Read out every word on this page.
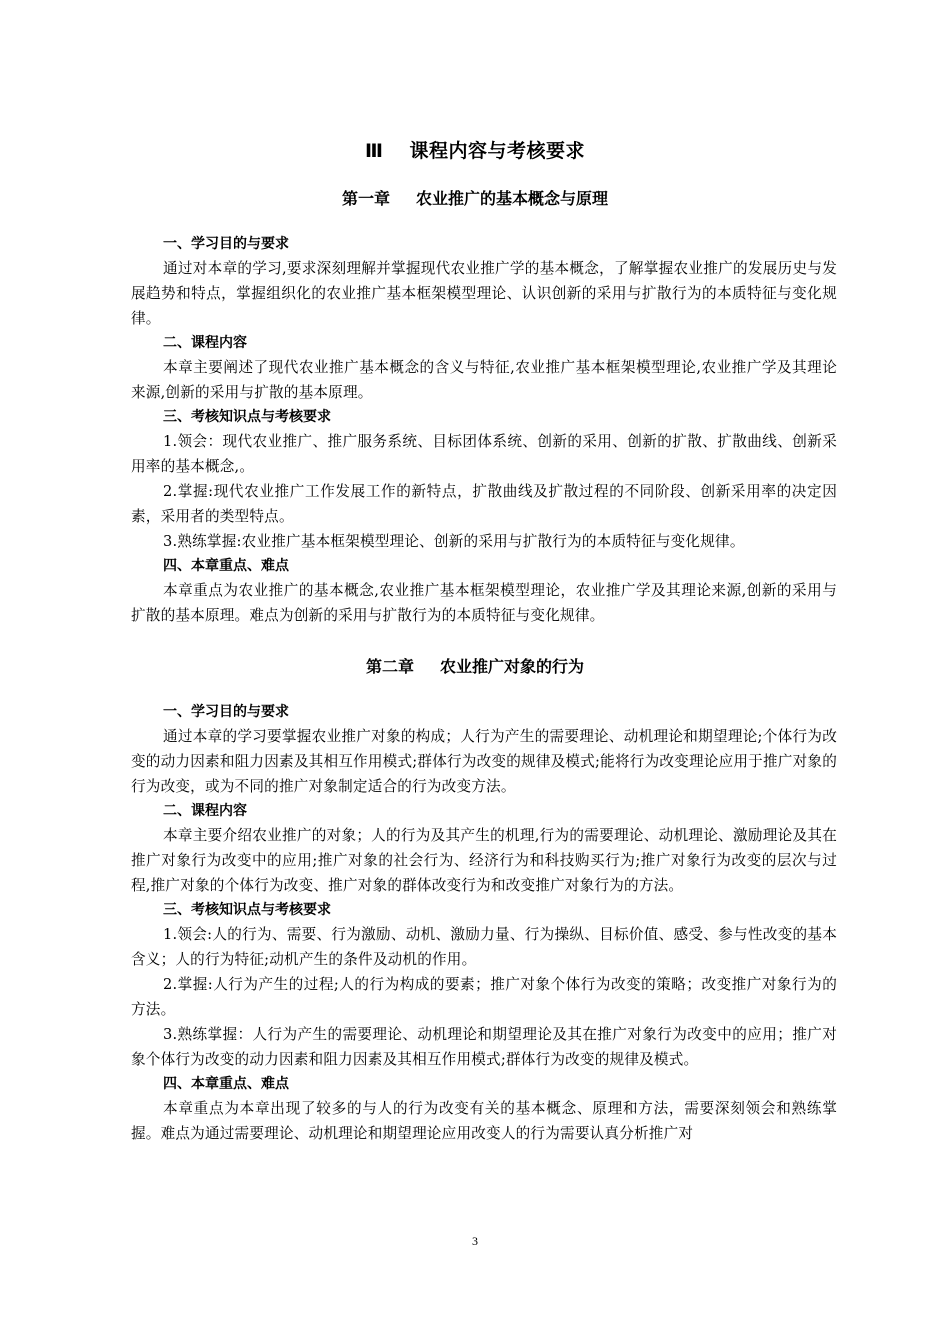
Ⅲ 课程内容与考核要求
第一章 农业推广的基本概念与原理
一、学习目的与要求
通过对本章的学习,要求深刻理解并掌握现代农业推广学的基本概念，了解掌握农业推广的发展历史与发展趋势和特点，掌握组织化的农业推广基本框架模型理论、认识创新的采用与扩散行为的本质特征与变化规律。
二、课程内容
本章主要阐述了现代农业推广基本概念的含义与特征,农业推广基本框架模型理论,农业推广学及其理论来源,创新的采用与扩散的基本原理。
三、考核知识点与考核要求
1.领会：现代农业推广、推广服务系统、目标团体系统、创新的采用、创新的扩散、扩散曲线、创新采用率的基本概念,。
2.掌握:现代农业推广工作发展工作的新特点，扩散曲线及扩散过程的不同阶段、创新采用率的决定因素，采用者的类型特点。
3.熟练掌握:农业推广基本框架模型理论、创新的采用与扩散行为的本质特征与变化规律。
四、本章重点、难点
本章重点为农业推广的基本概念,农业推广基本框架模型理论，农业推广学及其理论来源,创新的采用与扩散的基本原理。难点为创新的采用与扩散行为的本质特征与变化规律。
第二章 农业推广对象的行为
一、学习目的与要求
通过本章的学习要掌握农业推广对象的构成；人行为产生的需要理论、动机理论和期望理论;个体行为改变的动力因素和阻力因素及其相互作用模式;群体行为改变的规律及模式;能将行为改变理论应用于推广对象的行为改变，或为不同的推广对象制定适合的行为改变方法。
二、课程内容
本章主要介绍农业推广的对象；人的行为及其产生的机理,行为的需要理论、动机理论、激励理论及其在推广对象行为改变中的应用;推广对象的社会行为、经济行为和科技购买行为;推广对象行为改变的层次与过程,推广对象的个体行为改变、推广对象的群体改变行为和改变推广对象行为的方法。
三、考核知识点与考核要求
1.领会:人的行为、需要、行为激励、动机、激励力量、行为操纵、目标价值、感受、参与性改变的基本含义；人的行为特征;动机产生的条件及动机的作用。
2.掌握:人行为产生的过程;人的行为构成的要素；推广对象个体行为改变的策略；改变推广对象行为的方法。
3.熟练掌握：人行为产生的需要理论、动机理论和期望理论及其在推广对象行为改变中的应用；推广对象个体行为改变的动力因素和阻力因素及其相互作用模式;群体行为改变的规律及模式。
四、本章重点、难点
本章重点为本章出现了较多的与人的行为改变有关的基本概念、原理和方法，需要深刻领会和熟练掌握。难点为通过需要理论、动机理论和期望理论应用改变人的行为需要认真分析推广对
3
